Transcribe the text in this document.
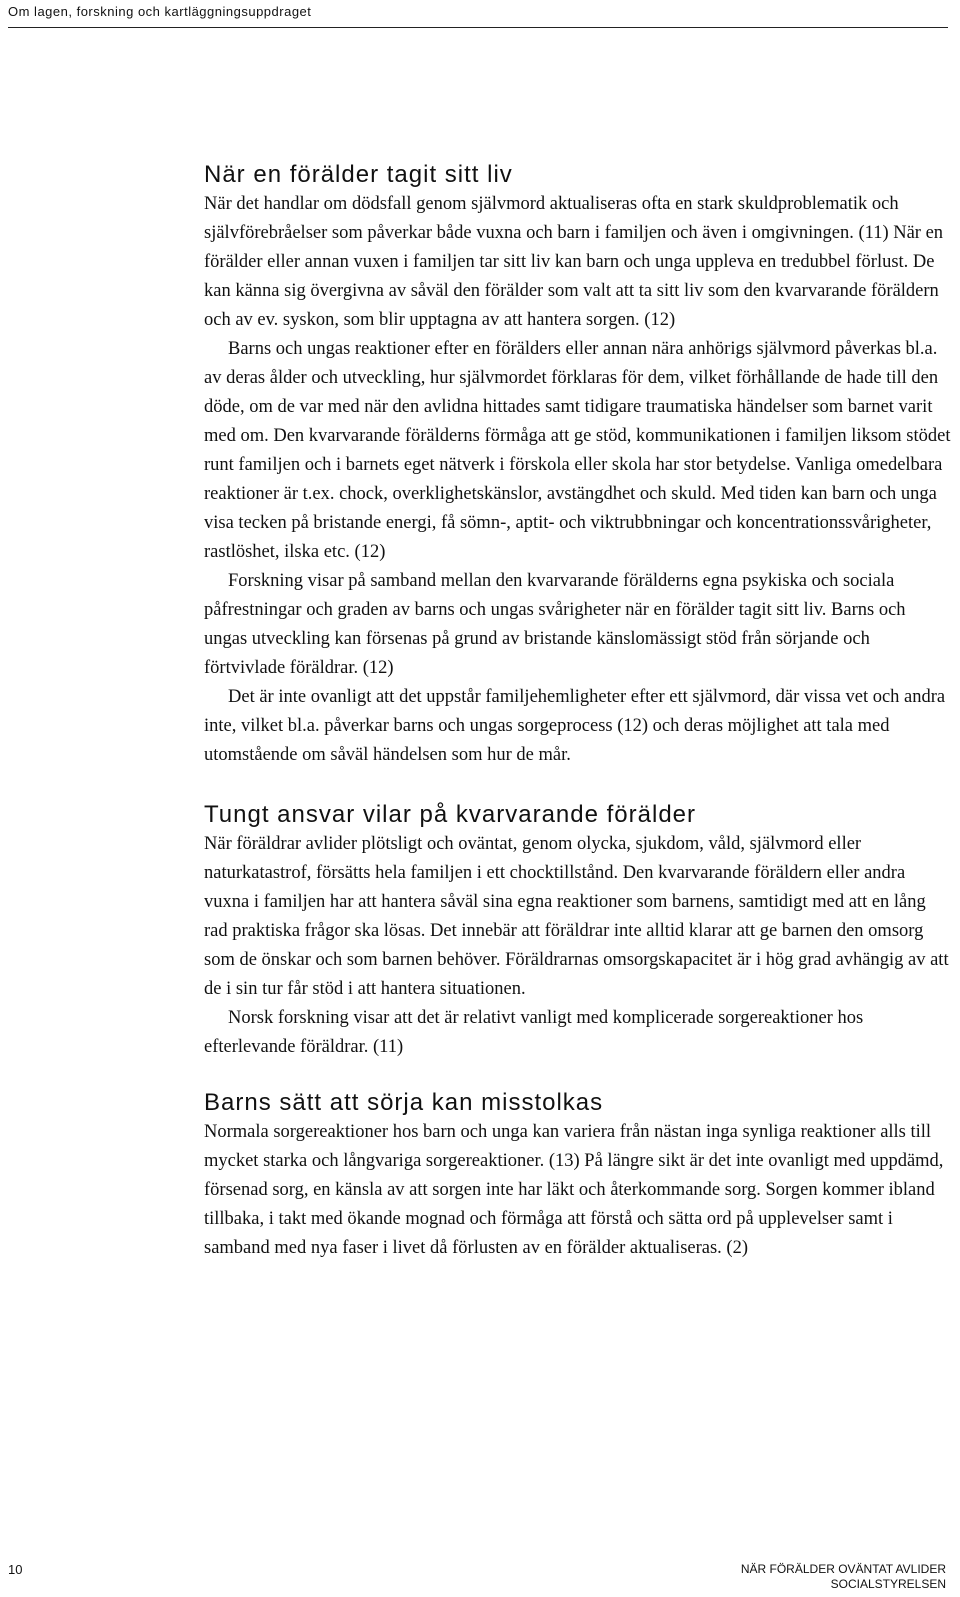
Om lagen, forskning och kartläggningsuppdraget
När en förälder tagit sitt liv

När det handlar om dödsfall genom självmord aktualiseras ofta en stark skuldproblematik och självförebråelser som påverkar både vuxna och barn i familjen och även i omgivningen. (11) När en förälder eller annan vuxen i familjen tar sitt liv kan barn och unga uppleva en tredubbel förlust. De kan känna sig övergivna av såväl den förälder som valt att ta sitt liv som den kvarvarande föräldern och av ev. syskon, som blir upptagna av att hantera sorgen. (12)

Barns och ungas reaktioner efter en förälders eller annan nära anhörigs självmord påverkas bl.a. av deras ålder och utveckling, hur självmordet förklaras för dem, vilket förhållande de hade till den döde, om de var med när den avlidna hittades samt tidigare traumatiska händelser som barnet varit med om. Den kvarvarande förälderns förmåga att ge stöd, kommunikationen i familjen liksom stödet runt familjen och i barnets eget nätverk i förskola eller skola har stor betydelse. Vanliga omedelbara reaktioner är t.ex. chock, overklighetskänslor, avstängdhet och skuld. Med tiden kan barn och unga visa tecken på bristande energi, få sömn-, aptit- och viktrubbningar och koncentrationssvårigheter, rastlöshet, ilska etc. (12)

Forskning visar på samband mellan den kvarvarande förälderns egna psykiska och sociala påfrestningar och graden av barns och ungas svårigheter när en förälder tagit sitt liv. Barns och ungas utveckling kan försenas på grund av bristande känslomässigt stöd från sörjande och förtvivlade föräldrar. (12)

Det är inte ovanligt att det uppstår familjehemligheter efter ett självmord, där vissa vet och andra inte, vilket bl.a. påverkar barns och ungas sorgeprocess (12) och deras möjlighet att tala med utomstående om såväl händelsen som hur de mår.

Tungt ansvar vilar på kvarvarande förälder

När föräldrar avlider plötsligt och oväntat, genom olycka, sjukdom, våld, självmord eller naturkatastrof, försätts hela familjen i ett chocktillstånd. Den kvarvarande föräldern eller andra vuxna i familjen har att hantera såväl sina egna reaktioner som barnens, samtidigt med att en lång rad praktiska frågor ska lösas. Det innebär att föräldrar inte alltid klarar att ge barnen den omsorg som de önskar och som barnen behöver. Föräldrarnas omsorgskapacitet är i hög grad avhängig av att de i sin tur får stöd i att hantera situationen.

Norsk forskning visar att det är relativt vanligt med komplicerade sorgereaktioner hos efterlevande föräldrar. (11)

Barns sätt att sörja kan misstolkas

Normala sorgereaktioner hos barn och unga kan variera från nästan inga synliga reaktioner alls till mycket starka och långvariga sorgereaktioner. (13) På längre sikt är det inte ovanligt med uppdämd, försenad sorg, en känsla av att sorgen inte har läkt och återkommande sorg. Sorgen kommer ibland tillbaka, i takt med ökande mognad och förmåga att förstå och sätta ord på upplevelser samt i samband med nya faser i livet då förlusten av en förälder aktualiseras. (2)

10	NÄR FÖRÄLDER OVÄNTAT AVLIDER
SOCIALSTYRELSEN
